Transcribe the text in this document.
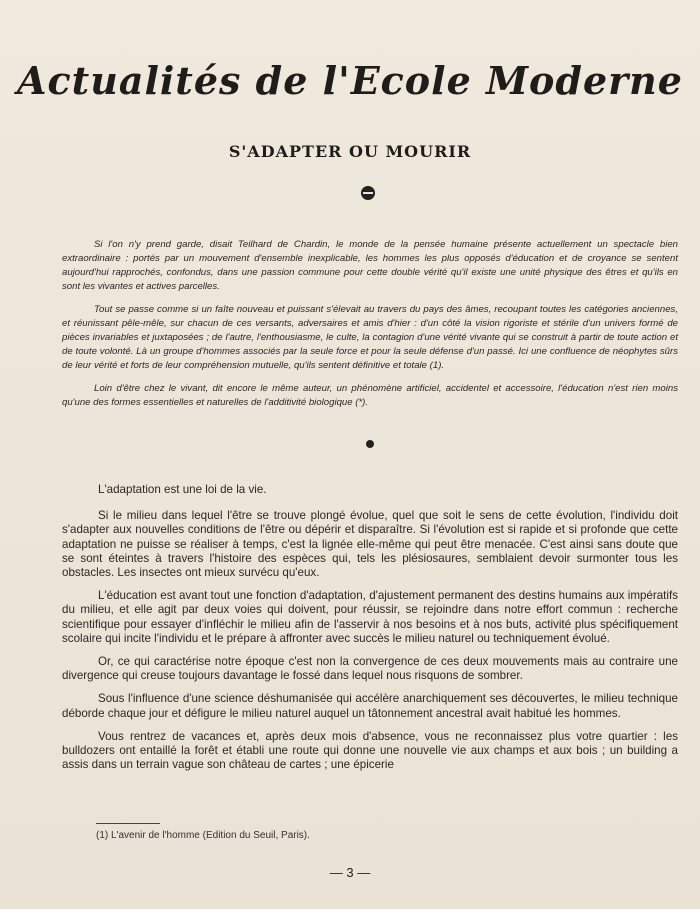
Actualités de l'Ecole Moderne
S'ADAPTER OU MOURIR

Si l'on n'y prend garde, disait Teilhard de Chardin, le monde de la pensée humaine présente actuellement un spectacle bien extraordinaire : portés par un mouvement d'ensemble inexplicable, les hommes les plus opposés d'éducation et de croyance se sentent aujourd'hui rapprochés, confondus, dans une passion commune pour cette double vérité qu'il existe une unité physique des êtres et qu'ils en sont les vivantes et actives parcelles.

Tout se passe comme si un faîte nouveau et puissant s'élevait au travers du pays des âmes, recoupant toutes les catégories anciennes, et réunissant pêle-mêle, sur chacun de ces versants, adversaires et amis d'hier : d'un côté la vision rigoriste et stérile d'un univers formé de pièces invariables et juxtaposées ; de l'autre, l'enthousiasme, le culte, la contagion d'une vérité vivante qui se construit à partir de toute action et de toute volonté. Là un groupe d'hommes associés par la seule force et pour la seule défense d'un passé. Ici une confluence de néophytes sûrs de leur vérité et forts de leur compréhension mutuelle, qu'ils sentent définitive et totale (1).

Loin d'être chez le vivant, dit encore le même auteur, un phénomène artificiel, accidentel et accessoire, l'éducation n'est rien moins qu'une des formes essentielles et naturelles de l'additivité biologique (*).

L'adaptation est une loi de la vie.

Si le milieu dans lequel l'être se trouve plongé évolue, quel que soit le sens de cette évolution, l'individu doit s'adapter aux nouvelles conditions de l'être ou dépérir et disparaître. Si l'évolution est si rapide et si profonde que cette adaptation ne puisse se réaliser à temps, c'est la lignée elle-même qui peut être menacée. C'est ainsi sans doute que se sont éteintes à travers l'histoire des espèces qui, tels les plésiosaures, semblaient devoir surmonter tous les obstacles. Les insectes ont mieux survécu qu'eux.

L'éducation est avant tout une fonction d'adaptation, d'ajustement permanent des destins humains aux impératifs du milieu, et elle agit par deux voies qui doivent, pour réussir, se rejoindre dans notre effort commun : recherche scientifique pour essayer d'infléchir le milieu afin de l'asservir à nos besoins et à nos buts, activité plus spécifiquement scolaire qui incite l'individu et le prépare à affronter avec succès le milieu naturel ou techniquement évolué.

Or, ce qui caractérise notre époque c'est non la convergence de ces deux mouvements mais au contraire une divergence qui creuse toujours davantage le fossé dans lequel nous risquons de sombrer.

Sous l'influence d'une science déshumanisée qui accélère anarchiquement ses découvertes, le milieu technique déborde chaque jour et défigure le milieu naturel auquel un tâtonnement ancestral avait habitué les hommes.

Vous rentrez de vacances et, après deux mois d'absence, vous ne reconnaissez plus votre quartier : les bulldozers ont entaillé la forêt et établi une route qui donne une nouvelle vie aux champs et aux bois ; un building a assis dans un terrain vague son château de cartes ; une épicerie

(1) L'avenir de l'homme (Edition du Seuil, Paris).
— 3 —
